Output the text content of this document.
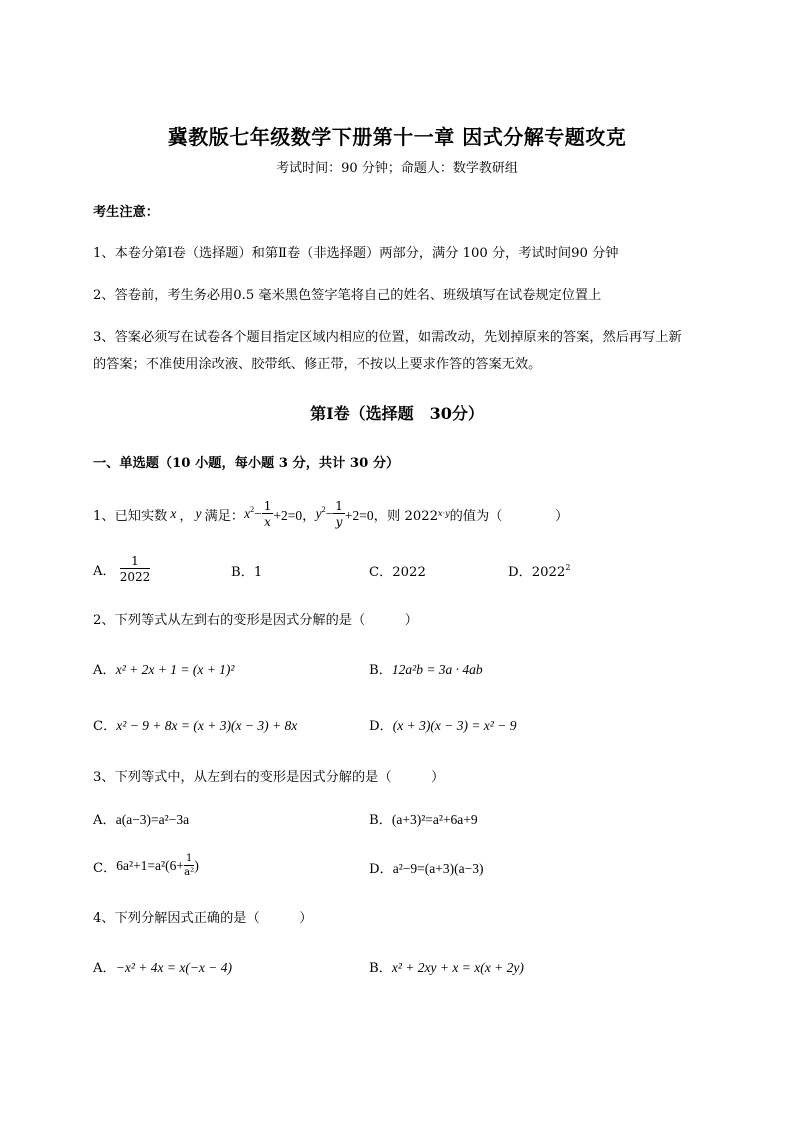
冀教版七年级数学下册第十一章 因式分解专题攻克
考试时间：90 分钟；命题人：数学教研组
考生注意：
1、本卷分第Ⅰ卷（选择题）和第Ⅱ卷（非选择题）两部分，满分 100 分，考试时间90 分钟
2、答卷前，考生务必用0.5 毫米黑色签字笔将自己的姓名、班级填写在试卷规定位置上
3、答案必须写在试卷各个题目指定区域内相应的位置，如需改动，先划掉原来的答案，然后再写上新
的答案；不准使用涂改液、胶带纸、修正带，不按以上要求作答的答案无效。
第Ⅰ卷（选择题　30分）
一、单选题（10 小题，每小题 3 分，共计 30 分）
1、已知实数 x ， y 满足： $x^2- \frac{1}{x} +2=0$， $y^2- \frac{1}{y} +2=0$， 则 2022 x · y 的值为（　　　　）
A． $\frac{1}{2022}$	B．1	C．2022	D．2022$^2$
2、下列等式从左到右的变形是因式分解的是（　　　）
A．x² + 2x + 1 = (x + 1)²	B．12a²b = 3a · 4ab
C．x² − 9 + 8x = (x + 3)(x − 3) + 8x	D．(x + 3)(x − 3) = x² − 9
3、下列等式中，从左到右的变形是因式分解的是（　　　）
A．a(a−3)=a²−3a	B．(a+3)²=a²+6a+9
C． $6a^2+1=a^2(6+ \frac{1}{\text{a²}}$ )	D．a²−9=(a+3)(a−3)
4、下列分解因式正确的是（　　　）
A．−x² + 4x = x(−x − 4)	B．x² + 2xy + x = x(x + 2y)
